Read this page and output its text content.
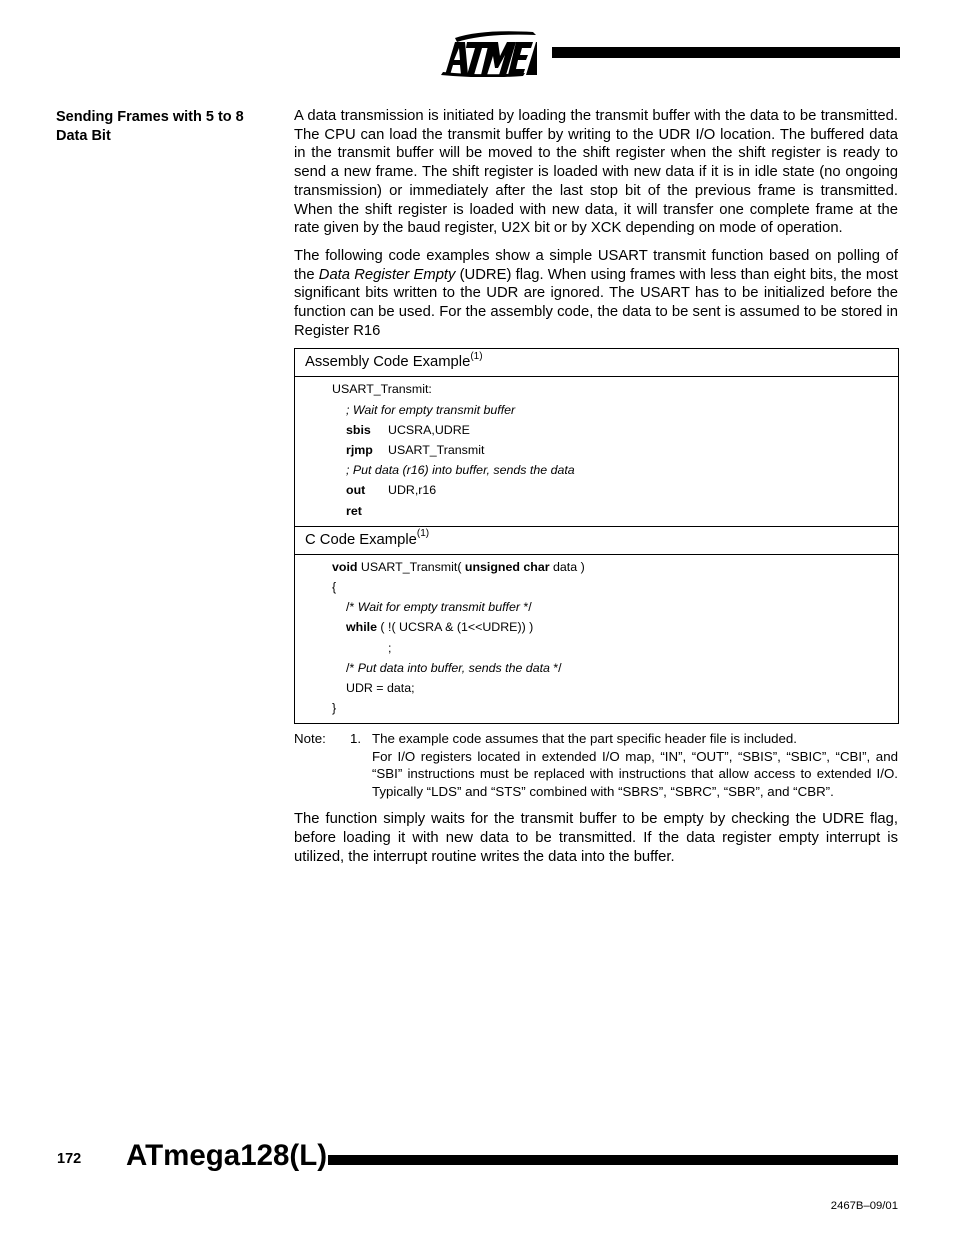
Sending Frames with 5 to 8 Data Bit

A data transmission is initiated by loading the transmit buffer with the data to be transmitted. The CPU can load the transmit buffer by writing to the UDR I/O location. The buffered data in the transmit buffer will be moved to the shift register when the shift register is ready to send a new frame. The shift register is loaded with new data if it is in idle state (no ongoing transmission) or immediately after the last stop bit of the previous frame is transmitted. When the shift register is loaded with new data, it will transfer one complete frame at the rate given by the baud register, U2X bit or by XCK depending on mode of operation.

The following code examples show a simple USART transmit function based on polling of the Data Register Empty (UDRE) flag. When using frames with less than eight bits, the most significant bits written to the UDR are ignored. The USART has to be initialized before the function can be used. For the assembly code, the data to be sent is assumed to be stored in Register R16

Assembly Code Example$^{(1)}$
USART_Transmit:
; Wait for empty transmit buffer
sbis UCSRA,UDRE
rjmp USART_Transmit
; Put data (r16) into buffer, sends the data
out UDR,r16
ret
C Code Example$^{(1)}$
void USART_Transmit( unsigned char data )
{
/* Wait for empty transmit buffer */
while ( !( UCSRA & (1<<UDRE)) )
;
/* Put data into buffer, sends the data */
UDR = data;
}
Note: 1. The example code assumes that the part specific header file is included.

For I/O registers located in extended I/O map, “IN”, “OUT”, “SBIS”, “SBIC”, “CBI”, and “SBI” instructions must be replaced with instructions that allow access to extended I/O. Typically “LDS” and “STS” combined with “SBRS”, “SBRC”, “SBR”, and “CBR”.

The function simply waits for the transmit buffer to be empty by checking the UDRE flag, before loading it with new data to be transmitted. If the data register empty interrupt is utilized, the interrupt routine writes the data into the buffer.

172 ATmega128(L)
2467B–09/01
